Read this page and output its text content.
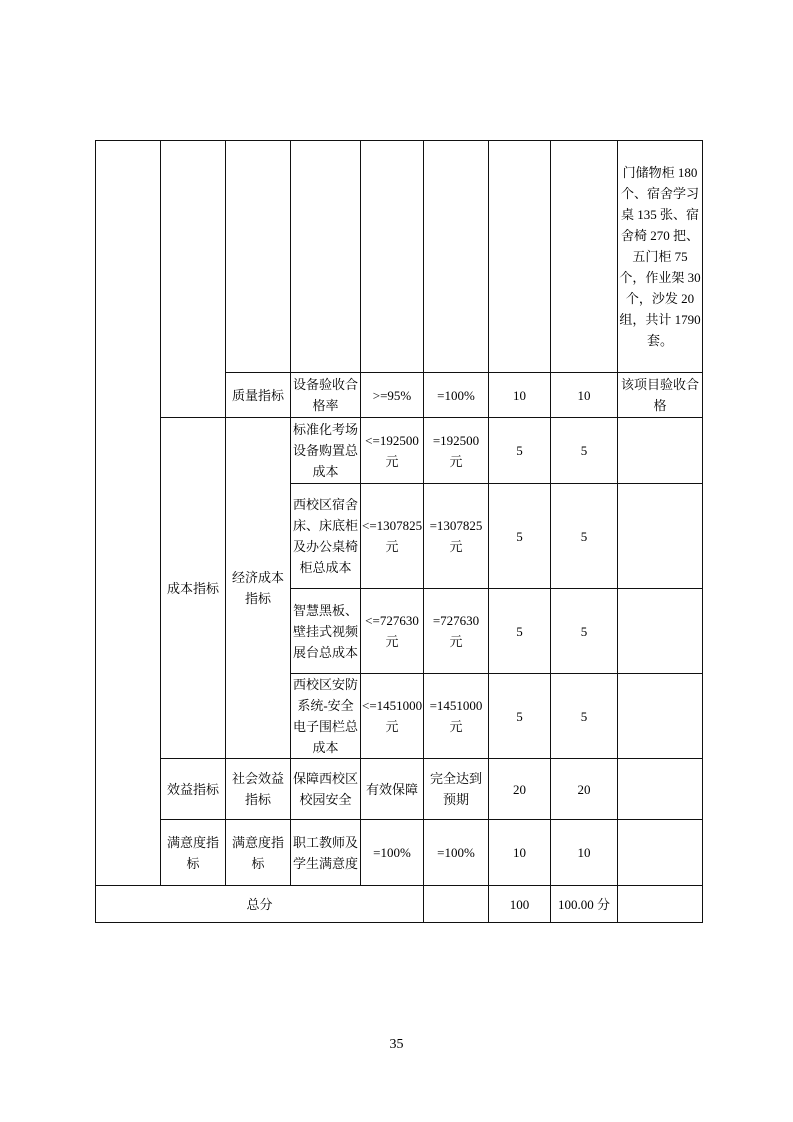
								门储物柜 180 个、宿舍学习桌 135 张、宿舍椅 270 把、五门柜 75 个，作业架 30 个，沙发 20 组，共计 1790 套。
		质量指标	设备验收合格率	>=95%	=100%	10	10	该项目验收合格
	成本指标	经济成本指标	标准化考场设备购置总成本	<=192500 元	=192500 元	5	5	
			西校区宿舍床、床底柜及办公桌椅柜总成本	<=1307825 元	=1307825 元	5	5	
			智慧黑板、壁挂式视频展台总成本	<=727630 元	=727630 元	5	5	
			西校区安防系统-安全电子围栏总成本	<=1451000 元	=1451000 元	5	5	
	效益指标	社会效益指标	保障西校区校园安全	有效保障	完全达到预期	20	20	
	满意度指标	满意度指标	职工教师及学生满意度	=100%	=100%	10	10	
总分						100	100.00 分	
35
